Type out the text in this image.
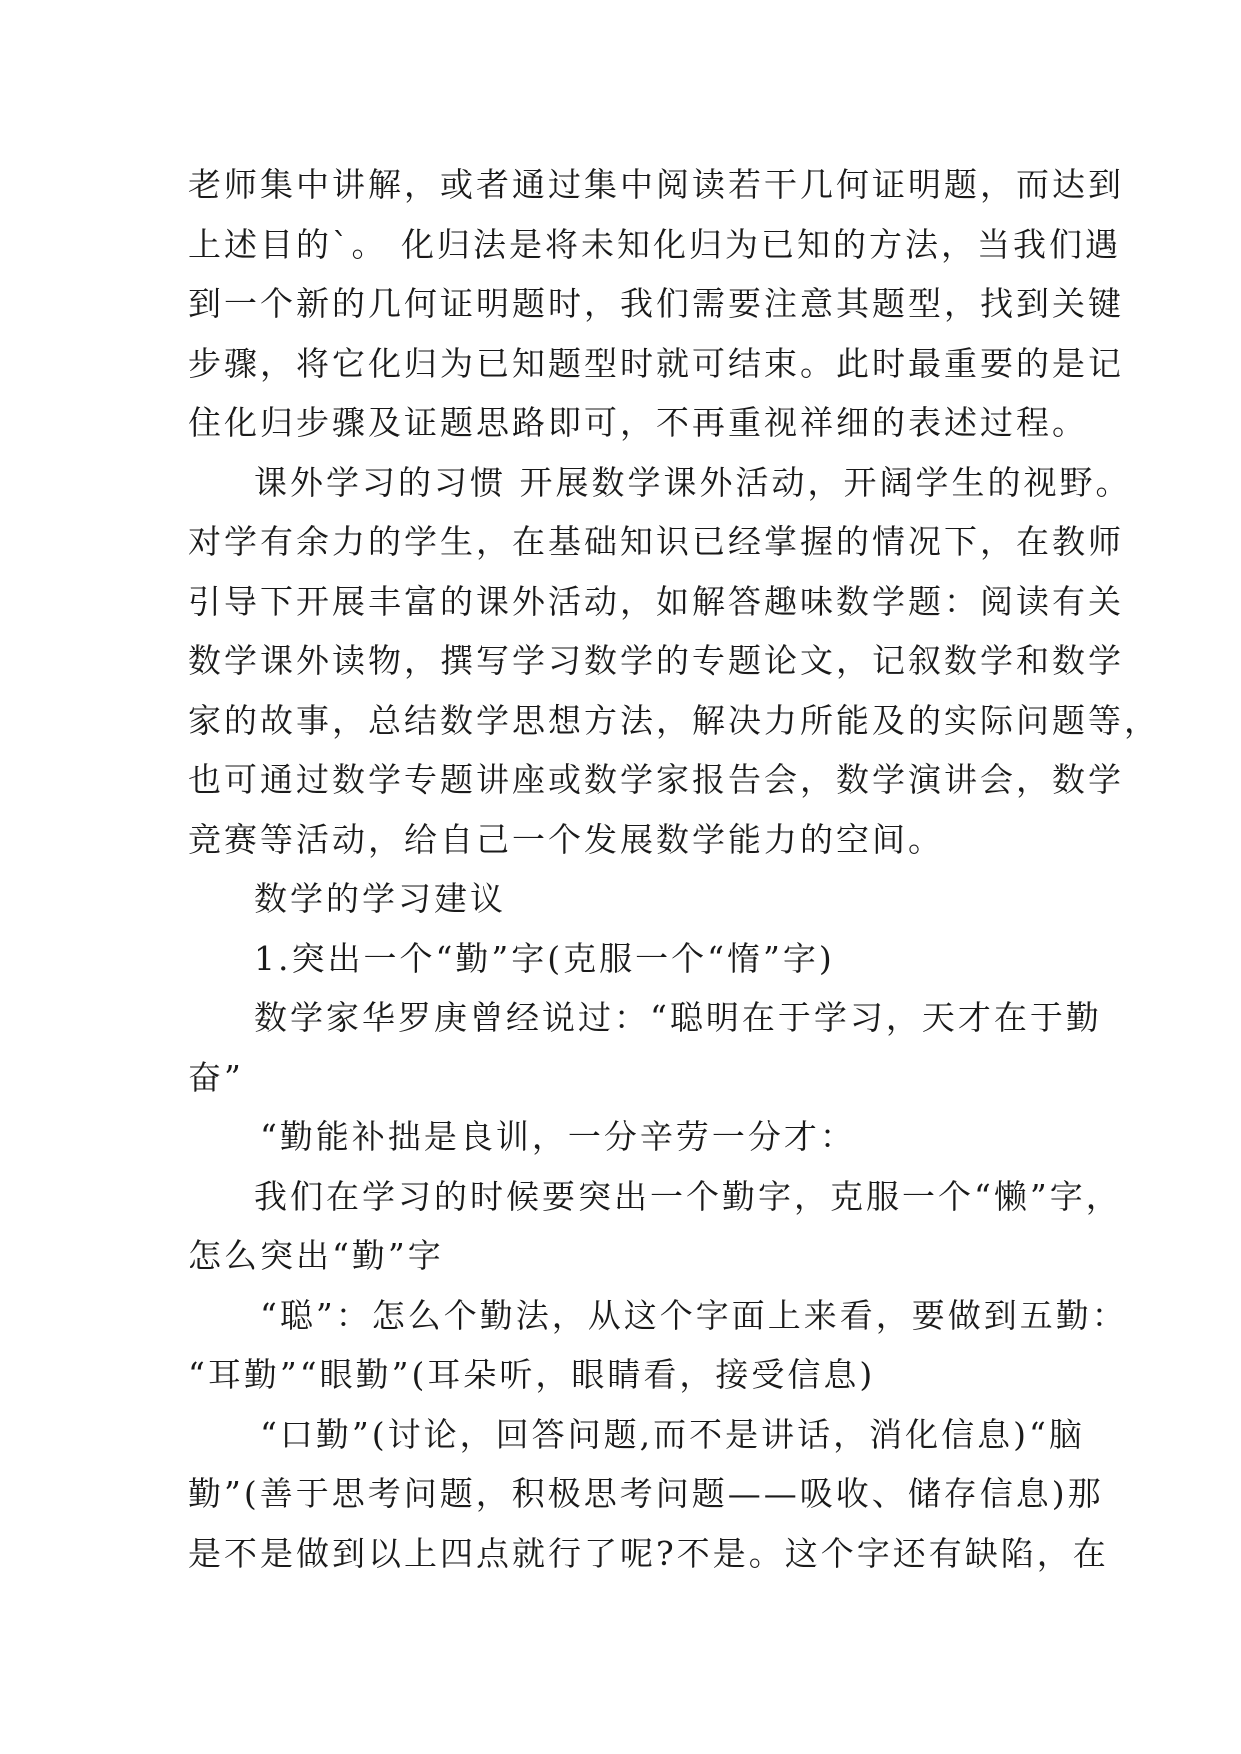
老师集中讲解，或者通过集中阅读若干几何证明题，而达到
上述目的`。 化归法是将未知化归为已知的方法，当我们遇
到一个新的几何证明题时，我们需要注意其题型，找到关键
步骤，将它化归为已知题型时就可结束。此时最重要的是记
住化归步骤及证题思路即可，不再重视祥细的表述过程。
课外学习的习惯 开展数学课外活动，开阔学生的视野。
对学有余力的学生，在基础知识已经掌握的情况下，在教师
引导下开展丰富的课外活动，如解答趣味数学题：阅读有关
数学课外读物，撰写学习数学的专题论文，记叙数学和数学
家的故事，总结数学思想方法，解决力所能及的实际问题等，
也可通过数学专题讲座或数学家报告会，数学演讲会，数学
竞赛等活动，给自己一个发展数学能力的空间。
数学的学习建议
1.突出一个“勤”字(克服一个“惰”字)
数学家华罗庚曾经说过：“聪明在于学习，天才在于勤
奋”
“勤能补拙是良训，一分辛劳一分才：
我们在学习的时候要突出一个勤字，克服一个“懒”字，
怎么突出“勤”字
“聪”：怎么个勤法，从这个字面上来看，要做到五勤：
“耳勤”“眼勤”(耳朵听，眼睛看，接受信息)
“口勤”(讨论，回答问题,而不是讲话，消化信息)“脑
勤”(善于思考问题，积极思考问题——吸收、储存信息)那
是不是做到以上四点就行了呢?不是。这个字还有缺陷，在
